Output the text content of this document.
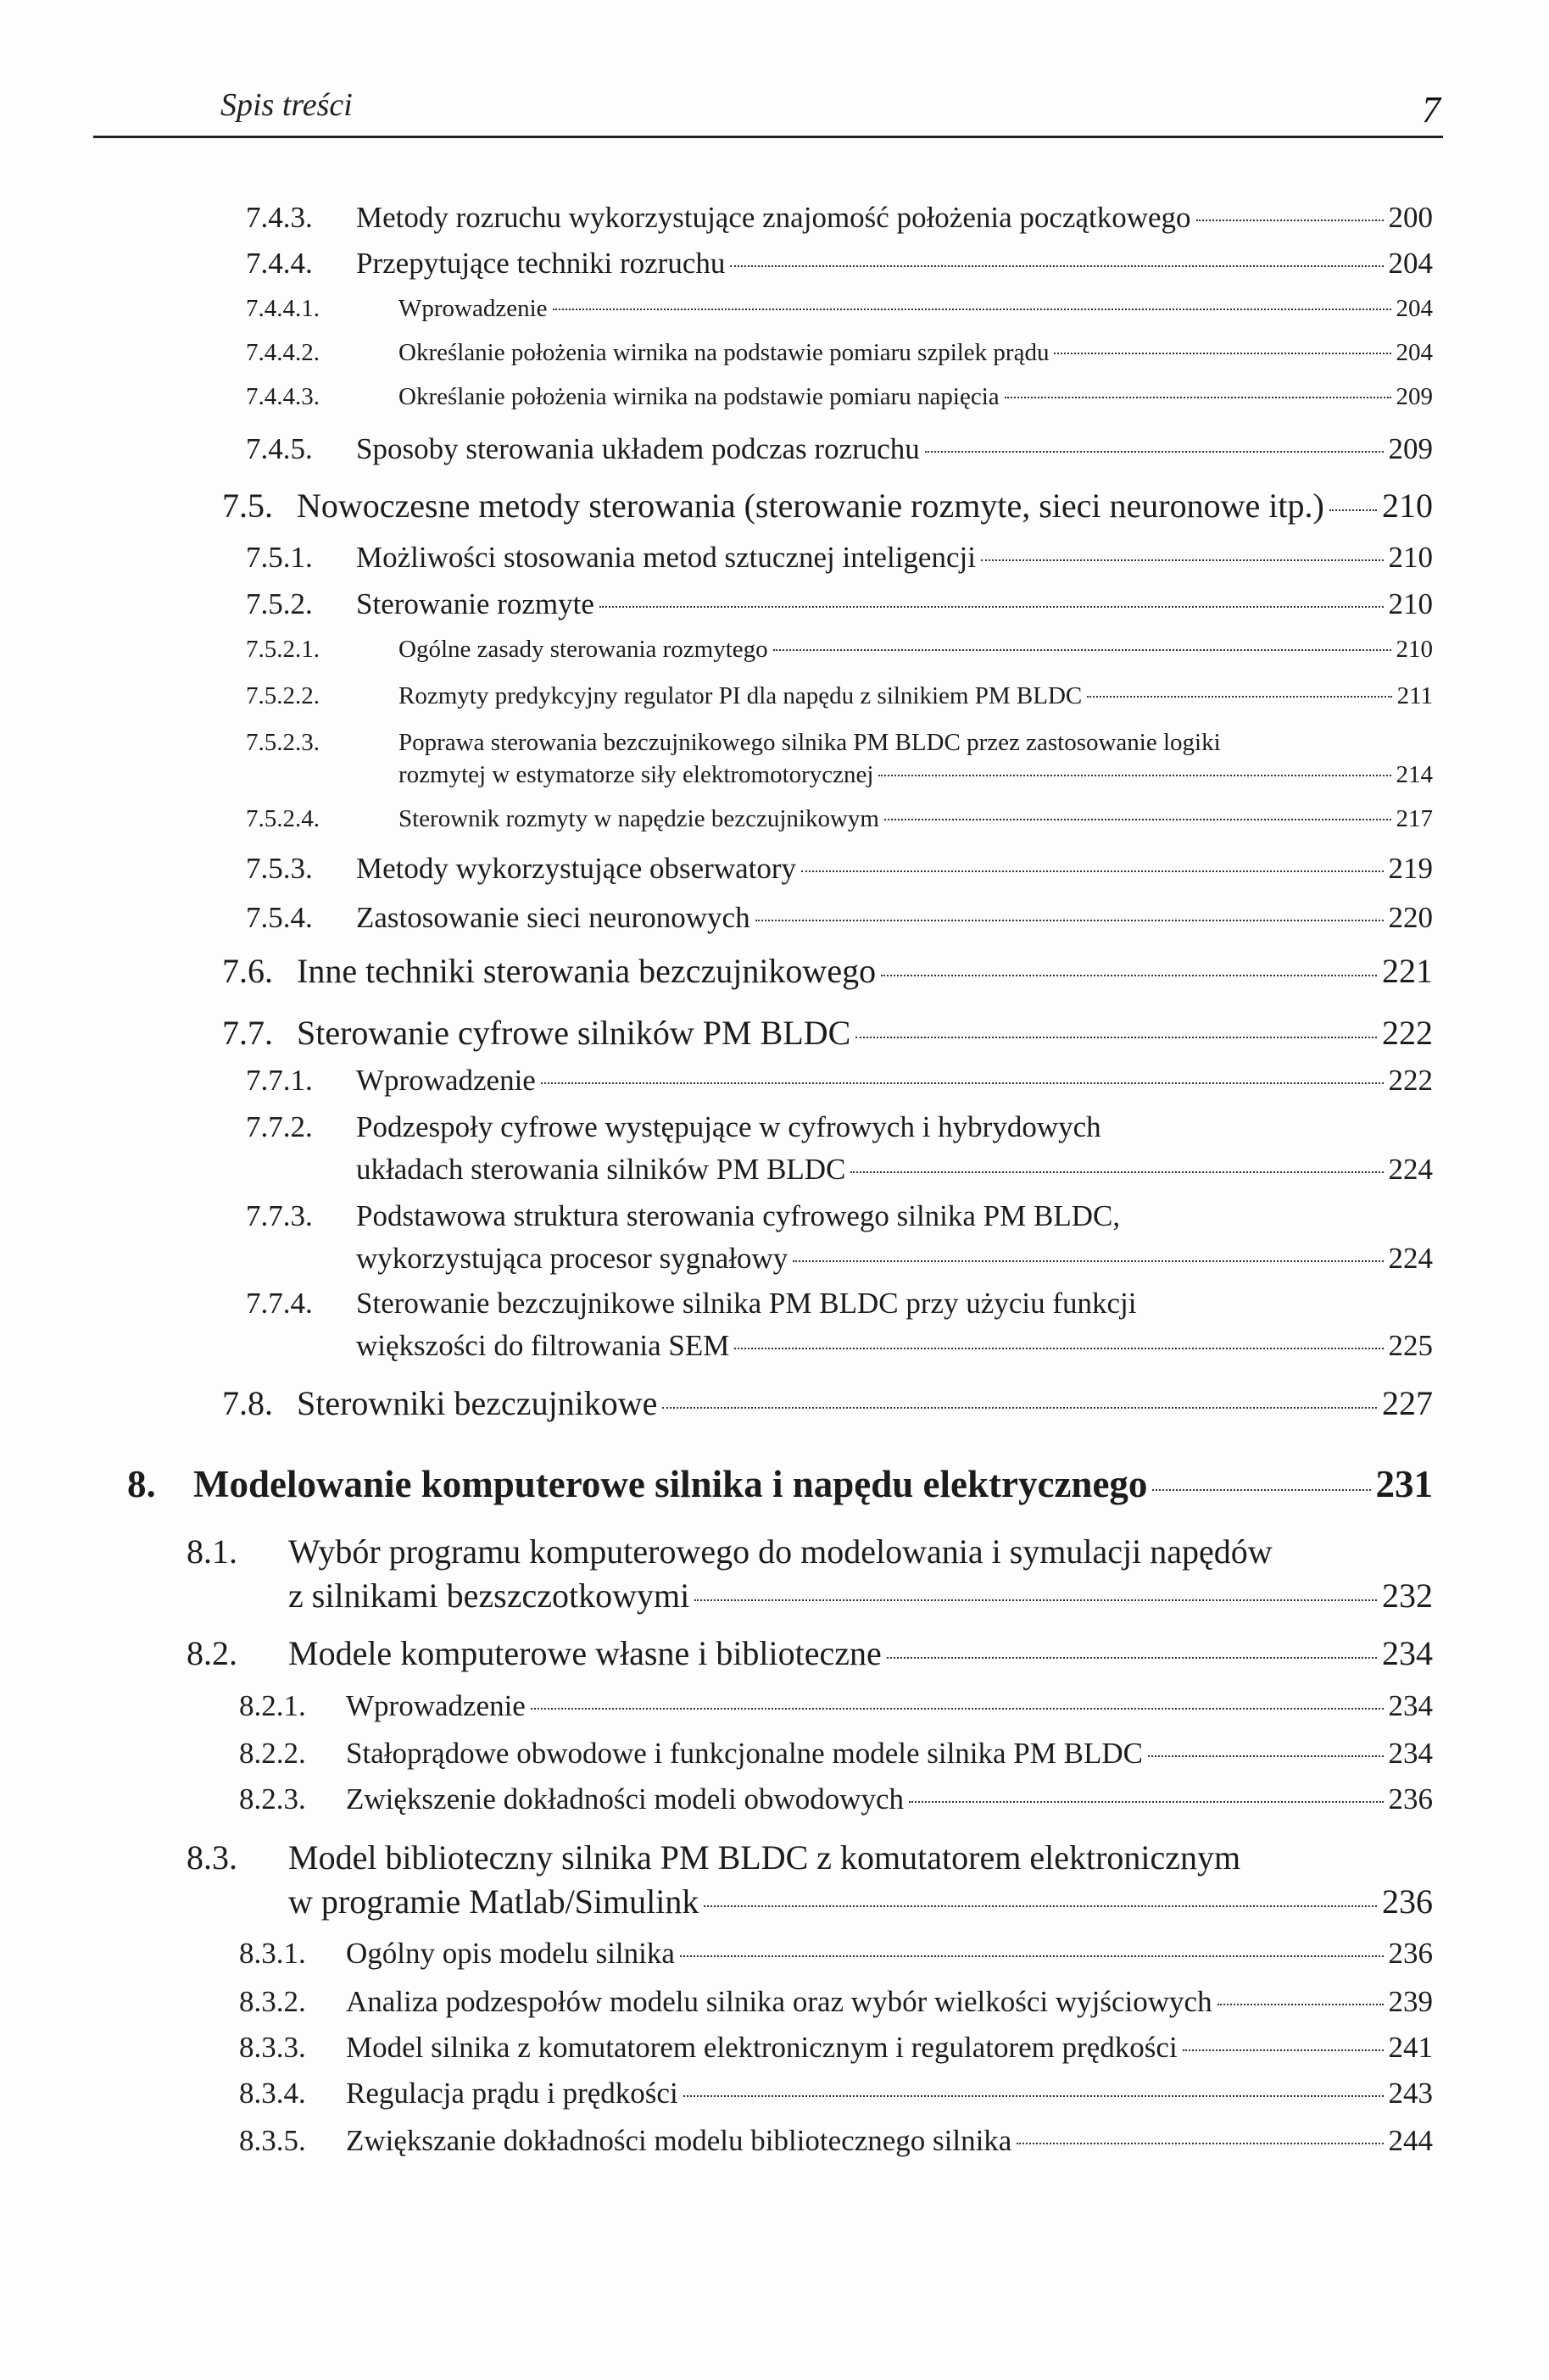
Spis treści	7
7.4.3. Metody rozruchu wykorzystujące znajomość położenia początkowego	200
7.4.4. Przepytujące techniki rozruchu	204
7.4.4.1.	Wprowadzenie	204
7.4.4.2.	Określanie położenia wirnika na podstawie pomiaru szpilek prądu	204
7.4.4.3.	Określanie położenia wirnika na podstawie pomiaru napięcia	209
7.4.5. Sposoby sterowania układem podczas rozruchu	209
7.5. Nowoczesne metody sterowania (sterowanie rozmyte, sieci neuronowe itp.) 210
7.5.1. Możliwości stosowania metod sztucznej inteligencji	210
7.5.2. Sterowanie rozmyte	210
7.5.2.1.	Ogólne zasady sterowania rozmytego	210
7.5.2.2.	Rozmyty predykcyjny regulator PI dla napędu z silnikiem PM BLDC	211
7.5.2.3.	Poprawa sterowania bezczujnikowego silnika PM BLDC przez zastosowanie logiki
rozmytej w estymatorze siły elektromotorycznej	214
7.5.2.4.	Sterownik rozmyty w napędzie bezczujnikowym	217
7.5.3. Metody wykorzystujące obserwatory	219
7.5.4. Zastosowanie sieci neuronowych	220
7.6. Inne techniki sterowania bezczujnikowego	221
7.7. Sterowanie cyfrowe silników PM BLDC	222
7.7.1. Wprowadzenie	222
7.7.2. Podzespoły cyfrowe występujące w cyfrowych i hybrydowych
układach sterowania silników PM BLDC	224
7.7.3. Podstawowa struktura sterowania cyfrowego silnika PM BLDC,
wykorzystująca procesor sygnałowy	224
7.7.4. Sterowanie bezczujnikowe silnika PM BLDC przy użyciu funkcji
większości do filtrowania SEM	225
7.8. Sterowniki bezczujnikowe	227
8. Modelowanie komputerowe silnika i napędu elektrycznego	231
8.1. Wybór programu komputerowego do modelowania i symulacji napędów
z silnikami bezszczotkowymi	232
8.2. Modele komputerowe własne i biblioteczne	234
8.2.1. Wprowadzenie	234
8.2.2. Stałoprądowe obwodowe i funkcjonalne modele silnika PM BLDC	234
8.2.3. Zwiększenie dokładności modeli obwodowych	236
8.3. Model biblioteczny silnika PM BLDC z komutatorem elektronicznym
w programie Matlab/Simulink	236
8.3.1. Ogólny opis modelu silnika	236
8.3.2. Analiza podzespołów modelu silnika oraz wybór wielkości wyjściowych	239
8.3.3. Model silnika z komutatorem elektronicznym i regulatorem prędkości	241
8.3.4. Regulacja prądu i prędkości	243
8.3.5. Zwiększanie dokładności modelu bibliotecznego silnika	244
